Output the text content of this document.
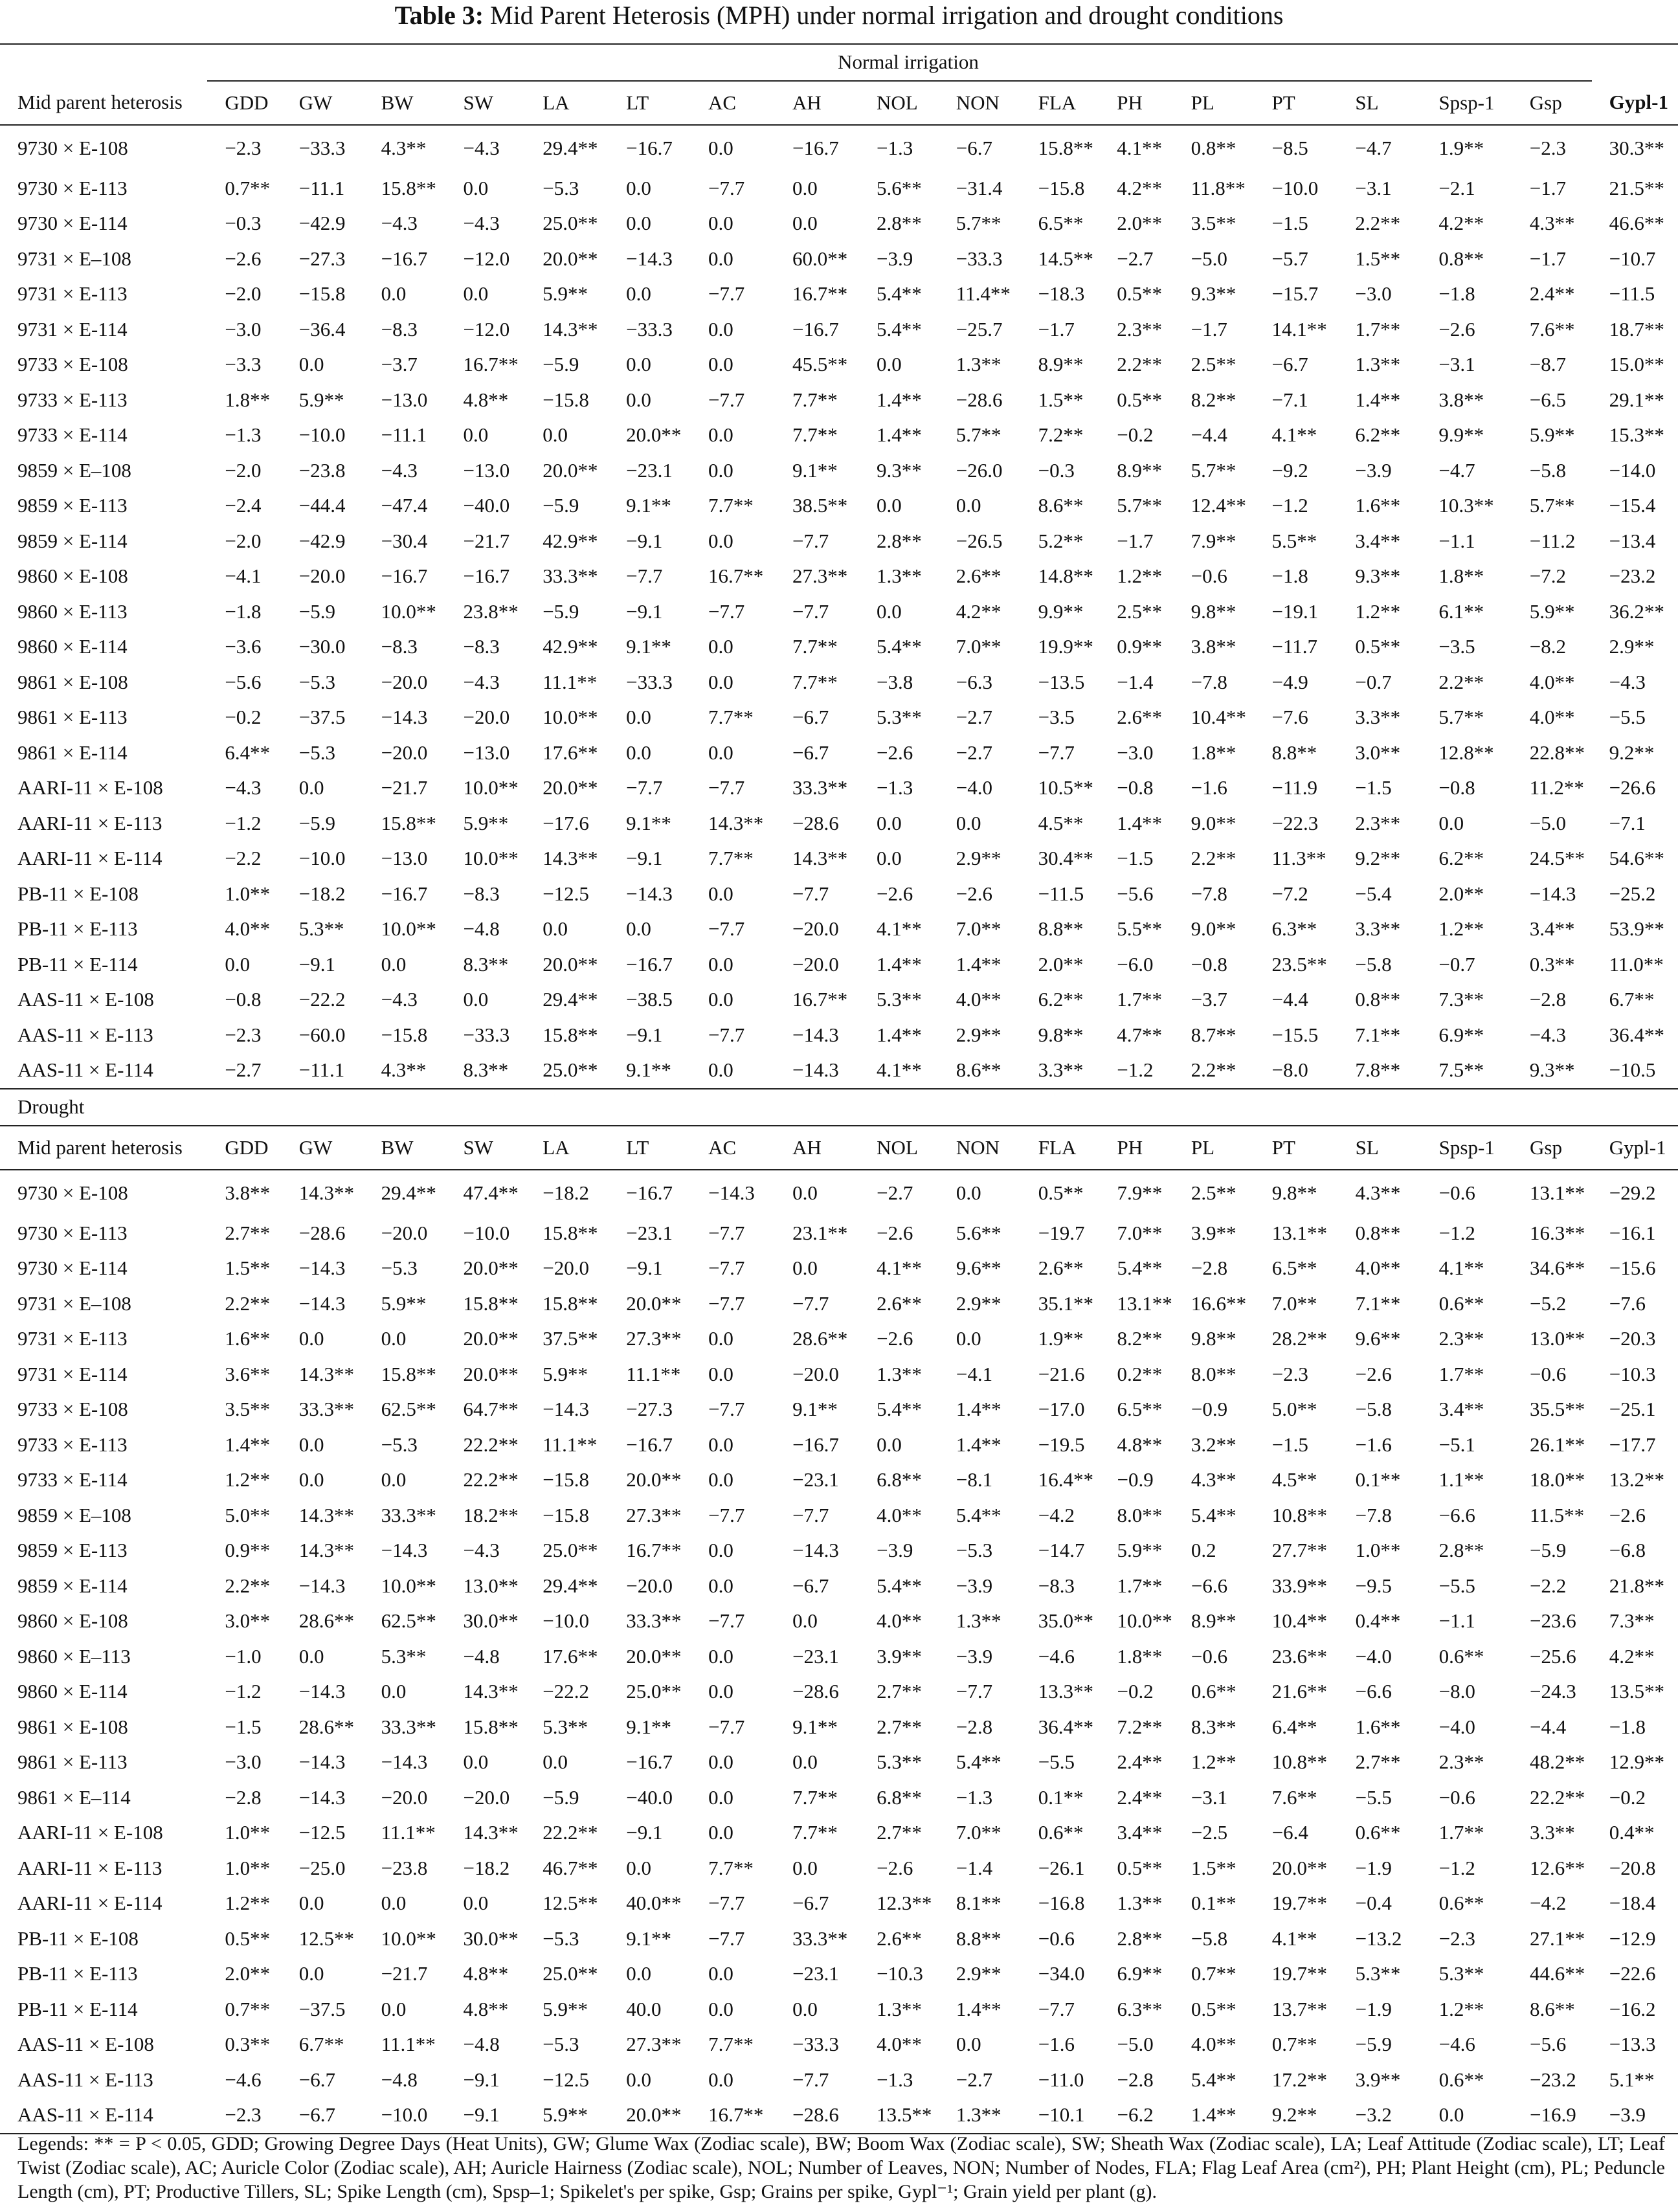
Table 3: Mid Parent Heterosis (MPH) under normal irrigation and drought conditions
	Normal irrigation																	
Mid parent heterosis	GDD	GW	BW	SW	LA	LT	AC	AH	NOL	NON	FLA	PH	PL	PT	SL	Spsp-1	Gsp	Gypl-1
9730 × E-108	−2.3	−33.3	4.3**	−4.3	29.4**	−16.7	0.0	−16.7	−1.3	−6.7	15.8**	4.1**	0.8**	−8.5	−4.7	1.9**	−2.3	30.3**
9730 × E-113	0.7**	−11.1	15.8**	0.0	−5.3	0.0	−7.7	0.0	5.6**	−31.4	−15.8	4.2**	11.8**	−10.0	−3.1	−2.1	−1.7	21.5**
9730 × E-114	−0.3	−42.9	−4.3	−4.3	25.0**	0.0	0.0	0.0	2.8**	5.7**	6.5**	2.0**	3.5**	−1.5	2.2**	4.2**	4.3**	46.6**
9731 × E–108	−2.6	−27.3	−16.7	−12.0	20.0**	−14.3	0.0	60.0**	−3.9	−33.3	14.5**	−2.7	−5.0	−5.7	1.5**	0.8**	−1.7	−10.7
9731 × E-113	−2.0	−15.8	0.0	0.0	5.9**	0.0	−7.7	16.7**	5.4**	11.4**	−18.3	0.5**	9.3**	−15.7	−3.0	−1.8	2.4**	−11.5
9731 × E-114	−3.0	−36.4	−8.3	−12.0	14.3**	−33.3	0.0	−16.7	5.4**	−25.7	−1.7	2.3**	−1.7	14.1**	1.7**	−2.6	7.6**	18.7**
9733 × E-108	−3.3	0.0	−3.7	16.7**	−5.9	0.0	0.0	45.5**	0.0	1.3**	8.9**	2.2**	2.5**	−6.7	1.3**	−3.1	−8.7	15.0**
9733 × E-113	1.8**	5.9**	−13.0	4.8**	−15.8	0.0	−7.7	7.7**	1.4**	−28.6	1.5**	0.5**	8.2**	−7.1	1.4**	3.8**	−6.5	29.1**
9733 × E-114	−1.3	−10.0	−11.1	0.0	0.0	20.0**	0.0	7.7**	1.4**	5.7**	7.2**	−0.2	−4.4	4.1**	6.2**	9.9**	5.9**	15.3**
9859 × E–108	−2.0	−23.8	−4.3	−13.0	20.0**	−23.1	0.0	9.1**	9.3**	−26.0	−0.3	8.9**	5.7**	−9.2	−3.9	−4.7	−5.8	−14.0
9859 × E-113	−2.4	−44.4	−47.4	−40.0	−5.9	9.1**	7.7**	38.5**	0.0	0.0	8.6**	5.7**	12.4**	−1.2	1.6**	10.3**	5.7**	−15.4
9859 × E-114	−2.0	−42.9	−30.4	−21.7	42.9**	−9.1	0.0	−7.7	2.8**	−26.5	5.2**	−1.7	7.9**	5.5**	3.4**	−1.1	−11.2	−13.4
9860 × E-108	−4.1	−20.0	−16.7	−16.7	33.3**	−7.7	16.7**	27.3**	1.3**	2.6**	14.8**	1.2**	−0.6	−1.8	9.3**	1.8**	−7.2	−23.2
9860 × E-113	−1.8	−5.9	10.0**	23.8**	−5.9	−9.1	−7.7	−7.7	0.0	4.2**	9.9**	2.5**	9.8**	−19.1	1.2**	6.1**	5.9**	36.2**
9860 × E-114	−3.6	−30.0	−8.3	−8.3	42.9**	9.1**	0.0	7.7**	5.4**	7.0**	19.9**	0.9**	3.8**	−11.7	0.5**	−3.5	−8.2	2.9**
9861 × E-108	−5.6	−5.3	−20.0	−4.3	11.1**	−33.3	0.0	7.7**	−3.8	−6.3	−13.5	−1.4	−7.8	−4.9	−0.7	2.2**	4.0**	−4.3
9861 × E-113	−0.2	−37.5	−14.3	−20.0	10.0**	0.0	7.7**	−6.7	5.3**	−2.7	−3.5	2.6**	10.4**	−7.6	3.3**	5.7**	4.0**	−5.5
9861 × E-114	6.4**	−5.3	−20.0	−13.0	17.6**	0.0	0.0	−6.7	−2.6	−2.7	−7.7	−3.0	1.8**	8.8**	3.0**	12.8**	22.8**	9.2**
AARI-11 × E-108	−4.3	0.0	−21.7	10.0**	20.0**	−7.7	−7.7	33.3**	−1.3	−4.0	10.5**	−0.8	−1.6	−11.9	−1.5	−0.8	11.2**	−26.6
AARI-11 × E-113	−1.2	−5.9	15.8**	5.9**	−17.6	9.1**	14.3**	−28.6	0.0	0.0	4.5**	1.4**	9.0**	−22.3	2.3**	0.0	−5.0	−7.1
AARI-11 × E-114	−2.2	−10.0	−13.0	10.0**	14.3**	−9.1	7.7**	14.3**	0.0	2.9**	30.4**	−1.5	2.2**	11.3**	9.2**	6.2**	24.5**	54.6**
PB-11 × E-108	1.0**	−18.2	−16.7	−8.3	−12.5	−14.3	0.0	−7.7	−2.6	−2.6	−11.5	−5.6	−7.8	−7.2	−5.4	2.0**	−14.3	−25.2
PB-11 × E-113	4.0**	5.3**	10.0**	−4.8	0.0	0.0	−7.7	−20.0	4.1**	7.0**	8.8**	5.5**	9.0**	6.3**	3.3**	1.2**	3.4**	53.9**
PB-11 × E-114	0.0	−9.1	0.0	8.3**	20.0**	−16.7	0.0	−20.0	1.4**	1.4**	2.0**	−6.0	−0.8	23.5**	−5.8	−0.7	0.3**	11.0**
AAS-11 × E-108	−0.8	−22.2	−4.3	0.0	29.4**	−38.5	0.0	16.7**	5.3**	4.0**	6.2**	1.7**	−3.7	−4.4	0.8**	7.3**	−2.8	6.7**
AAS-11 × E-113	−2.3	−60.0	−15.8	−33.3	15.8**	−9.1	−7.7	−14.3	1.4**	2.9**	9.8**	4.7**	8.7**	−15.5	7.1**	6.9**	−4.3	36.4**
AAS-11 × E-114	−2.7	−11.1	4.3**	8.3**	25.0**	9.1**	0.0	−14.3	4.1**	8.6**	3.3**	−1.2	2.2**	−8.0	7.8**	7.5**	9.3**	−10.5
Drought																		
Mid parent heterosis	GDD	GW	BW	SW	LA	LT	AC	AH	NOL	NON	FLA	PH	PL	PT	SL	Spsp-1	Gsp	Gypl-1
9730 × E-108	3.8**	14.3**	29.4**	47.4**	−18.2	−16.7	−14.3	0.0	−2.7	0.0	0.5**	7.9**	2.5**	9.8**	4.3**	−0.6	13.1**	−29.2
9730 × E-113	2.7**	−28.6	−20.0	−10.0	15.8**	−23.1	−7.7	23.1**	−2.6	5.6**	−19.7	7.0**	3.9**	13.1**	0.8**	−1.2	16.3**	−16.1
9730 × E-114	1.5**	−14.3	−5.3	20.0**	−20.0	−9.1	−7.7	0.0	4.1**	9.6**	2.6**	5.4**	−2.8	6.5**	4.0**	4.1**	34.6**	−15.6
9731 × E–108	2.2**	−14.3	5.9**	15.8**	15.8**	20.0**	−7.7	−7.7	2.6**	2.9**	35.1**	13.1**	16.6**	7.0**	7.1**	0.6**	−5.2	−7.6
9731 × E-113	1.6**	0.0	0.0	20.0**	37.5**	27.3**	0.0	28.6**	−2.6	0.0	1.9**	8.2**	9.8**	28.2**	9.6**	2.3**	13.0**	−20.3
9731 × E-114	3.6**	14.3**	15.8**	20.0**	5.9**	11.1**	0.0	−20.0	1.3**	−4.1	−21.6	0.2**	8.0**	−2.3	−2.6	1.7**	−0.6	−10.3
9733 × E-108	3.5**	33.3**	62.5**	64.7**	−14.3	−27.3	−7.7	9.1**	5.4**	1.4**	−17.0	6.5**	−0.9	5.0**	−5.8	3.4**	35.5**	−25.1
9733 × E-113	1.4**	0.0	−5.3	22.2**	11.1**	−16.7	0.0	−16.7	0.0	1.4**	−19.5	4.8**	3.2**	−1.5	−1.6	−5.1	26.1**	−17.7
9733 × E-114	1.2**	0.0	0.0	22.2**	−15.8	20.0**	0.0	−23.1	6.8**	−8.1	16.4**	−0.9	4.3**	4.5**	0.1**	1.1**	18.0**	13.2**
9859 × E–108	5.0**	14.3**	33.3**	18.2**	−15.8	27.3**	−7.7	−7.7	4.0**	5.4**	−4.2	8.0**	5.4**	10.8**	−7.8	−6.6	11.5**	−2.6
9859 × E-113	0.9**	14.3**	−14.3	−4.3	25.0**	16.7**	0.0	−14.3	−3.9	−5.3	−14.7	5.9**	0.2	27.7**	1.0**	2.8**	−5.9	−6.8
9859 × E-114	2.2**	−14.3	10.0**	13.0**	29.4**	−20.0	0.0	−6.7	5.4**	−3.9	−8.3	1.7**	−6.6	33.9**	−9.5	−5.5	−2.2	21.8**
9860 × E-108	3.0**	28.6**	62.5**	30.0**	−10.0	33.3**	−7.7	0.0	4.0**	1.3**	35.0**	10.0**	8.9**	10.4**	0.4**	−1.1	−23.6	7.3**
9860 × E–113	−1.0	0.0	5.3**	−4.8	17.6**	20.0**	0.0	−23.1	3.9**	−3.9	−4.6	1.8**	−0.6	23.6**	−4.0	0.6**	−25.6	4.2**
9860 × E-114	−1.2	−14.3	0.0	14.3**	−22.2	25.0**	0.0	−28.6	2.7**	−7.7	13.3**	−0.2	0.6**	21.6**	−6.6	−8.0	−24.3	13.5**
9861 × E-108	−1.5	28.6**	33.3**	15.8**	5.3**	9.1**	−7.7	9.1**	2.7**	−2.8	36.4**	7.2**	8.3**	6.4**	1.6**	−4.0	−4.4	−1.8
9861 × E-113	−3.0	−14.3	−14.3	0.0	0.0	−16.7	0.0	0.0	5.3**	5.4**	−5.5	2.4**	1.2**	10.8**	2.7**	2.3**	48.2**	12.9**
9861 × E–114	−2.8	−14.3	−20.0	−20.0	−5.9	−40.0	0.0	7.7**	6.8**	−1.3	0.1**	2.4**	−3.1	7.6**	−5.5	−0.6	22.2**	−0.2
AARI-11 × E-108	1.0**	−12.5	11.1**	14.3**	22.2**	−9.1	0.0	7.7**	2.7**	7.0**	0.6**	3.4**	−2.5	−6.4	0.6**	1.7**	3.3**	0.4**
AARI-11 × E-113	1.0**	−25.0	−23.8	−18.2	46.7**	0.0	7.7**	0.0	−2.6	−1.4	−26.1	0.5**	1.5**	20.0**	−1.9	−1.2	12.6**	−20.8
AARI-11 × E-114	1.2**	0.0	0.0	0.0	12.5**	40.0**	−7.7	−6.7	12.3**	8.1**	−16.8	1.3**	0.1**	19.7**	−0.4	0.6**	−4.2	−18.4
PB-11 × E-108	0.5**	12.5**	10.0**	30.0**	−5.3	9.1**	−7.7	33.3**	2.6**	8.8**	−0.6	2.8**	−5.8	4.1**	−13.2	−2.3	27.1**	−12.9
PB-11 × E-113	2.0**	0.0	−21.7	4.8**	25.0**	0.0	0.0	−23.1	−10.3	2.9**	−34.0	6.9**	0.7**	19.7**	5.3**	5.3**	44.6**	−22.6
PB-11 × E-114	0.7**	−37.5	0.0	4.8**	5.9**	40.0	0.0	0.0	1.3**	1.4**	−7.7	6.3**	0.5**	13.7**	−1.9	1.2**	8.6**	−16.2
AAS-11 × E-108	0.3**	6.7**	11.1**	−4.8	−5.3	27.3**	7.7**	−33.3	4.0**	0.0	−1.6	−5.0	4.0**	0.7**	−5.9	−4.6	−5.6	−13.3
AAS-11 × E-113	−4.6	−6.7	−4.8	−9.1	−12.5	0.0	0.0	−7.7	−1.3	−2.7	−11.0	−2.8	5.4**	17.2**	3.9**	0.6**	−23.2	5.1**
AAS-11 × E-114	−2.3	−6.7	−10.0	−9.1	5.9**	20.0**	16.7**	−28.6	13.5**	1.3**	−10.1	−6.2	1.4**	9.2**	−3.2	0.0	−16.9	−3.9
Legends: ** = P < 0.05, GDD; Growing Degree Days (Heat Units), GW; Glume Wax (Zodiac scale), BW; Boom Wax (Zodiac scale), SW; Sheath Wax (Zodiac scale), LA; Leaf Attitude (Zodiac scale), LT; Leaf Twist (Zodiac scale), AC; Auricle Color (Zodiac scale), AH; Auricle Hairness (Zodiac scale), NOL; Number of Leaves, NON; Number of Nodes, FLA; Flag Leaf Area (cm²), PH; Plant Height (cm), PL; Peduncle Length (cm), PT; Productive Tillers, SL; Spike Length (cm), Spsp–1; Spikelet's per spike, Gsp; Grains per spike, Gypl⁻¹; Grain yield per plant (g).
